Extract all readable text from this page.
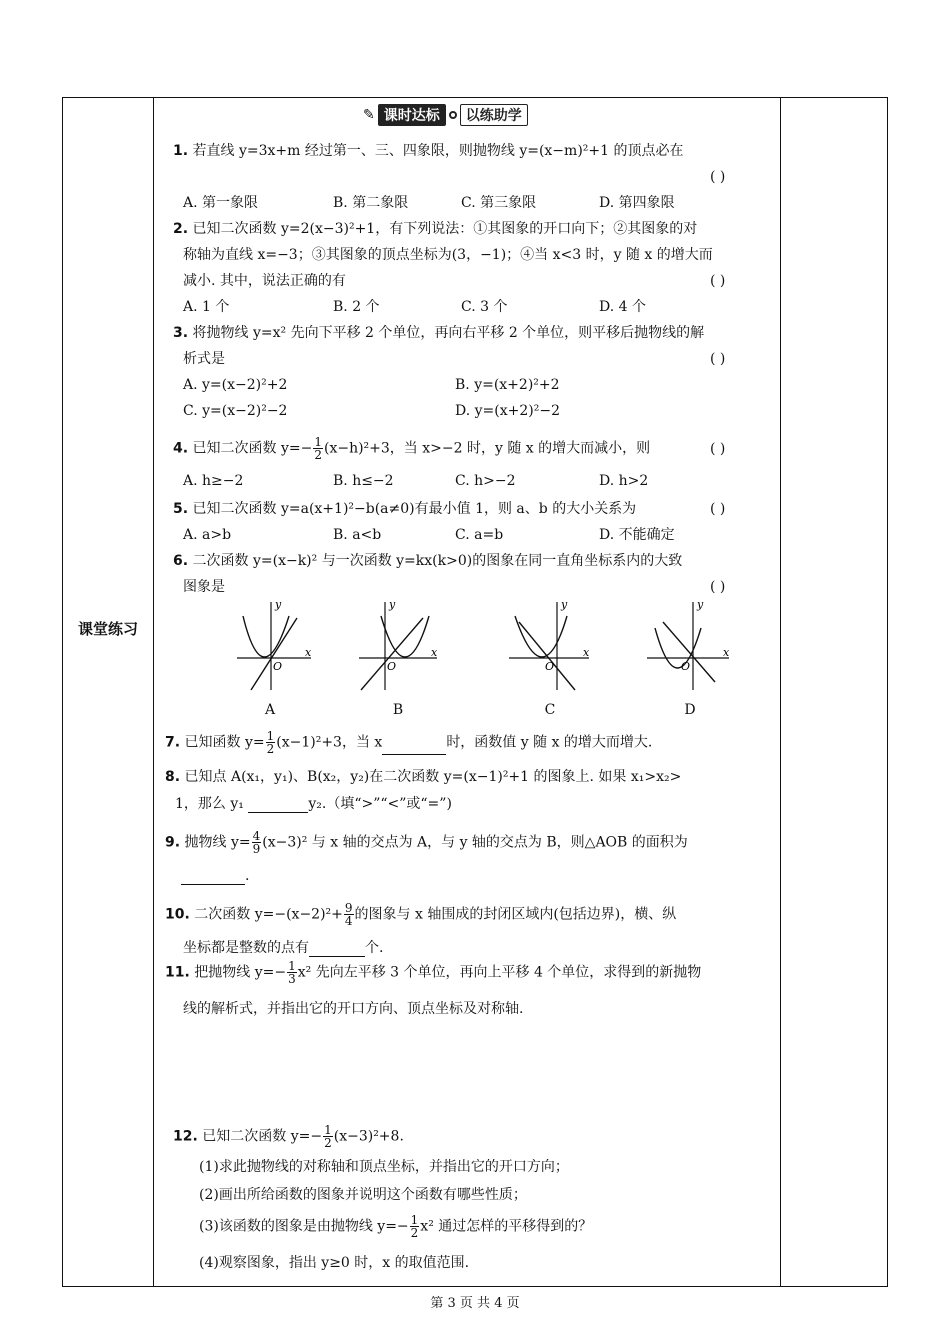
课堂练习
✎ 课时达标	以练助学
1. 若直线 y=3x+m 经过第一、三、四象限，则抛物线 y=(x−m)²+1 的顶点必在
( )
A. 第一象限	B. 第二象限	C. 第三象限	D. 第四象限
2. 已知二次函数 y=2(x−3)²+1，有下列说法：①其图象的开口向下；②其图象的对
称轴为直线 x=−3；③其图象的顶点坐标为(3，−1)；④当 x<3 时，y 随 x 的增大而
减小. 其中，说法正确的有	( )
A. 1 个	B. 2 个	C. 3 个	D. 4 个
3. 将抛物线 y=x² 先向下平移 2 个单位，再向右平移 2 个单位，则平移后抛物线的解
析式是	( )
A. y=(x−2)²+2	B. y=(x+2)²+2
C. y=(x−2)²−2	D. y=(x+2)²−2
4. 已知二次函数 $y=- \frac{1}{2} (x-h)^2+3$，当 x>−2 时，y 随 x 的增大而减小，则	( )
A. h≥−2	B. h≤−2	C. h>−2	D. h>2
5. 已知二次函数 y=a(x+1)²−b(a≠0)有最小值 1，则 a、b 的大小关系为	( )
A. a>b	B. a<b	C. a=b	D. 不能确定
6. 二次函数 y=(x−k)² 与一次函数 y=kx(k>0)的图象在同一直角坐标系内的大致
图象是	( )
y
x
O
A
y
x
O
B
y
x
O
C
y
x
O
D
7. 已知函数 $y= \frac{1}{2} (x-1)^2+3$，当 x	时，函数值 y 随 x 的增大而增大.
8. 已知点 A(x₁，y₁)、B(x₂，y₂)在二次函数 y=(x−1)²+1 的图象上. 如果 x₁>x₂>
1，那么 y₁	y₂.（填“>”“<”或“=”)
9. 抛物线 $y= \frac{4}{9} (x-3)^2$ 与 x 轴的交点为 A，与 y 轴的交点为 B，则△AOB 的面积为
.
10. 二次函数 $y=-(x-2)^2+ \frac{9}{4}$ 的图象与 x 轴围成的封闭区域内(包括边界)，横、纵
坐标都是整数的点有	个.
11. 把抛物线 $y=- \frac{1}{3} x^2$ 先向左平移 3 个单位，再向上平移 4 个单位，求得到的新抛物
线的解析式，并指出它的开口方向、顶点坐标及对称轴.
12. 已知二次函数 $y=- \frac{1}{2} (x-3)^2+8$.
(1)求此抛物线的对称轴和顶点坐标，并指出它的开口方向；
(2)画出所给函数的图象并说明这个函数有哪些性质；
(3)该函数的图象是由抛物线 $y=- \frac{1}{2} x^2$ 通过怎样的平移得到的？
(4)观察图象，指出 y≥0 时，x 的取值范围.
第 3 页 共 4 页
